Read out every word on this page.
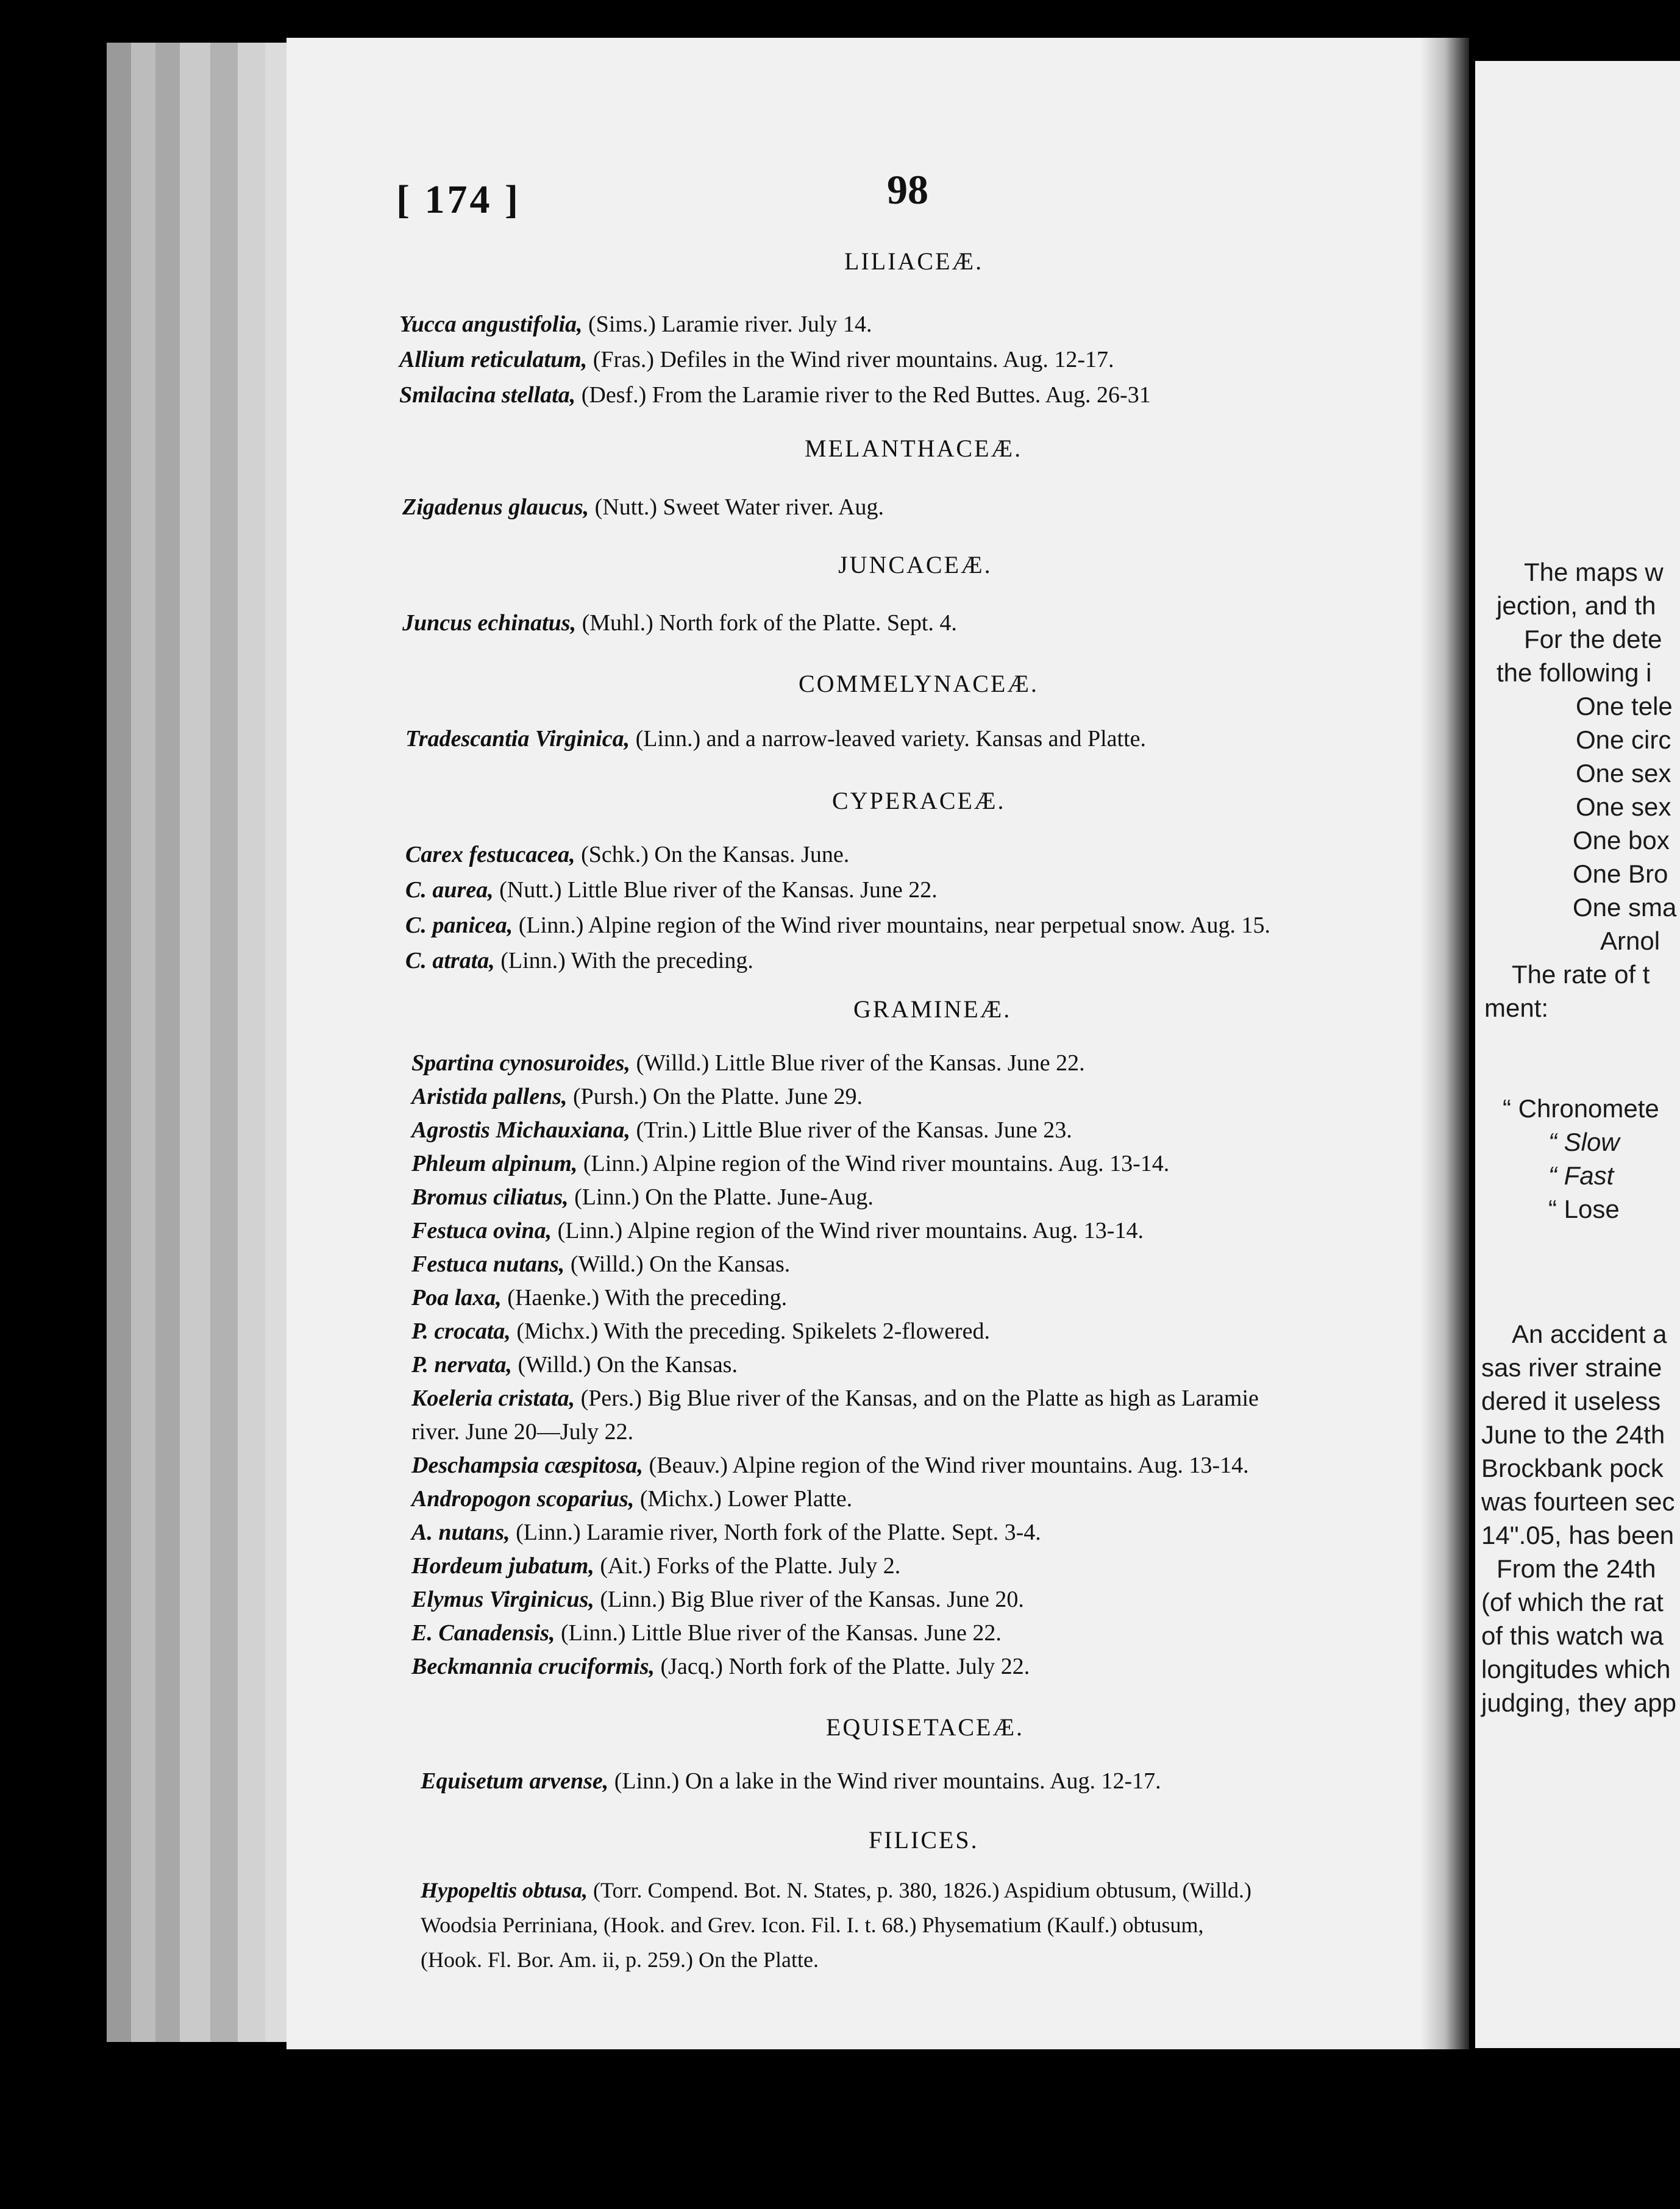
[ 174 ]	98
LILIACEÆ.
Yucca angustifolia, (Sims.) Laramie river. July 14.
Allium reticulatum, (Fras.) Defiles in the Wind river mountains. Aug. 12-17.
Smilacina stellata, (Desf.) From the Laramie river to the Red Buttes. Aug. 26-31
MELANTHACEÆ.
Zigadenus glaucus, (Nutt.) Sweet Water river. Aug.
JUNCACEÆ.
Juncus echinatus, (Muhl.) North fork of the Platte. Sept. 4.
COMMELYNACEÆ.
Tradescantia Virginica, (Linn.) and a narrow-leaved variety. Kansas and Platte.
CYPERACEÆ.
Carex festucacea, (Schk.) On the Kansas. June.
C. aurea, (Nutt.) Little Blue river of the Kansas. June 22.
C. panicea, (Linn.) Alpine region of the Wind river mountains, near perpetual snow. Aug. 15.
C. atrata, (Linn.) With the preceding.
GRAMINEÆ.
Spartina cynosuroides, (Willd.) Little Blue river of the Kansas. June 22.
Aristida pallens, (Pursh.) On the Platte. June 29.
Agrostis Michauxiana, (Trin.) Little Blue river of the Kansas. June 23.
Phleum alpinum, (Linn.) Alpine region of the Wind river mountains. Aug. 13-14.
Bromus ciliatus, (Linn.) On the Platte. June-Aug.
Festuca ovina, (Linn.) Alpine region of the Wind river mountains. Aug. 13-14.
Festuca nutans, (Willd.) On the Kansas.
Poa laxa, (Haenke.) With the preceding.
P. crocata, (Michx.) With the preceding. Spikelets 2-flowered.
P. nervata, (Willd.) On the Kansas.
Koeleria cristata, (Pers.) Big Blue river of the Kansas, and on the Platte as high as Laramie
river. June 20—July 22.
Deschampsia cæspitosa, (Beauv.) Alpine region of the Wind river mountains. Aug. 13-14.
Andropogon scoparius, (Michx.) Lower Platte.
A. nutans, (Linn.) Laramie river, North fork of the Platte. Sept. 3-4.
Hordeum jubatum, (Ait.) Forks of the Platte. July 2.
Elymus Virginicus, (Linn.) Big Blue river of the Kansas. June 20.
E. Canadensis, (Linn.) Little Blue river of the Kansas. June 22.
Beckmannia cruciformis, (Jacq.) North fork of the Platte. July 22.
EQUISETACEÆ.
Equisetum arvense, (Linn.) On a lake in the Wind river mountains. Aug. 12-17.
FILICES.
Hypopeltis obtusa, (Torr. Compend. Bot. N. States, p. 380, 1826.) Aspidium obtusum, (Willd.)
Woodsia Perriniana, (Hook. and Grev. Icon. Fil. I. t. 68.) Physematium (Kaulf.) obtusum,
(Hook. Fl. Bor. Am. ii, p. 259.) On the Platte.
The maps w
jection, and th
For the dete
the following i
One tele
One circ
One sex
One sex
One box
One Bro
One sma
Arnol
The rate of t
ment:
“ Chronomete
“ Slow
“ Fast
“ Lose
An accident a
sas river straine
dered it useless
June to the 24th
Brockbank pock
was fourteen sec
14".05, has been
From the 24th
(of which the rat
of this watch wa
longitudes which
judging, they app
